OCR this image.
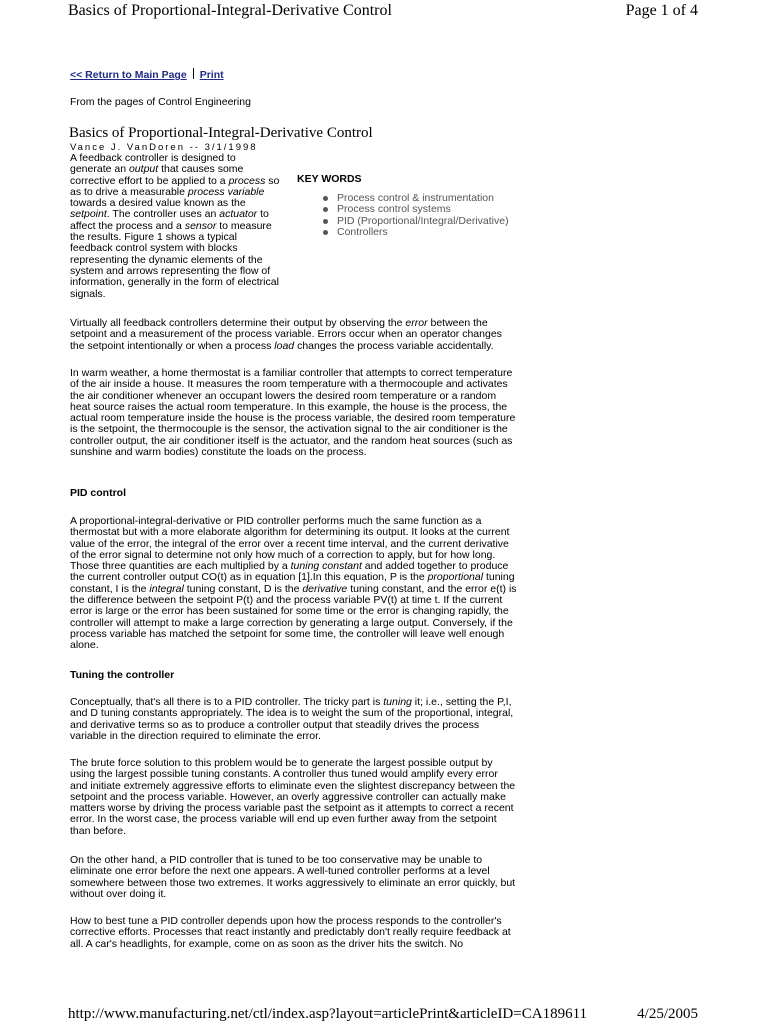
Basics of Proportional-Integral-Derivative Control	Page 1 of 4
<< Return to Main Page Print
From the pages of Control Engineering
Basics of Proportional-Integral-Derivative Control
Vance J. VanDoren -- 3/1/1998
A feedback controller is designed to generate an output that causes some corrective effort to be applied to a process so as to drive a measurable process variable towards a desired value known as the setpoint. The controller uses an actuator to affect the process and a sensor to measure the results. Figure 1 shows a typical feedback control system with blocks representing the dynamic elements of the system and arrows representing the flow of information, generally in the form of electrical signals.
KEY WORDS
Process control & instrumentation
Process control systems
PID (Proportional/Integral/Derivative)
Controllers
Virtually all feedback controllers determine their output by observing the error between the setpoint and a measurement of the process variable. Errors occur when an operator changes the setpoint intentionally or when a process load changes the process variable accidentally.
In warm weather, a home thermostat is a familiar controller that attempts to correct temperature of the air inside a house. It measures the room temperature with a thermocouple and activates the air conditioner whenever an occupant lowers the desired room temperature or a random heat source raises the actual room temperature. In this example, the house is the process, the actual room temperature inside the house is the process variable, the desired room temperature is the setpoint, the thermocouple is the sensor, the activation signal to the air conditioner is the controller output, the air conditioner itself is the actuator, and the random heat sources (such as sunshine and warm bodies) constitute the loads on the process.
PID control
A proportional-integral-derivative or PID controller performs much the same function as a thermostat but with a more elaborate algorithm for determining its output. It looks at the current value of the error, the integral of the error over a recent time interval, and the current derivative of the error signal to determine not only how much of a correction to apply, but for how long. Those three quantities are each multiplied by a tuning constant and added together to produce the current controller output CO(t) as in equation [1].In this equation, P is the proportional tuning constant, I is the integral tuning constant, D is the derivative tuning constant, and the error e(t) is the difference between the setpoint P(t) and the process variable PV(t) at time t. If the current error is large or the error has been sustained for some time or the error is changing rapidly, the controller will attempt to make a large correction by generating a large output. Conversely, if the process variable has matched the setpoint for some time, the controller will leave well enough alone.
Tuning the controller
Conceptually, that's all there is to a PID controller. The tricky part is tuning it; i.e., setting the P,I, and D tuning constants appropriately. The idea is to weight the sum of the proportional, integral, and derivative terms so as to produce a controller output that steadily drives the process variable in the direction required to eliminate the error.
The brute force solution to this problem would be to generate the largest possible output by using the largest possible tuning constants. A controller thus tuned would amplify every error and initiate extremely aggressive efforts to eliminate even the slightest discrepancy between the setpoint and the process variable. However, an overly aggressive controller can actually make matters worse by driving the process variable past the setpoint as it attempts to correct a recent error. In the worst case, the process variable will end up even further away from the setpoint than before.
On the other hand, a PID controller that is tuned to be too conservative may be unable to eliminate one error before the next one appears. A well-tuned controller performs at a level somewhere between those two extremes. It works aggressively to eliminate an error quickly, but without over doing it.
How to best tune a PID controller depends upon how the process responds to the controller's corrective efforts. Processes that react instantly and predictably don't really require feedback at all. A car's headlights, for example, come on as soon as the driver hits the switch. No
http://www.manufacturing.net/ctl/index.asp?layout=articlePrint&articleID=CA189611	4/25/2005
